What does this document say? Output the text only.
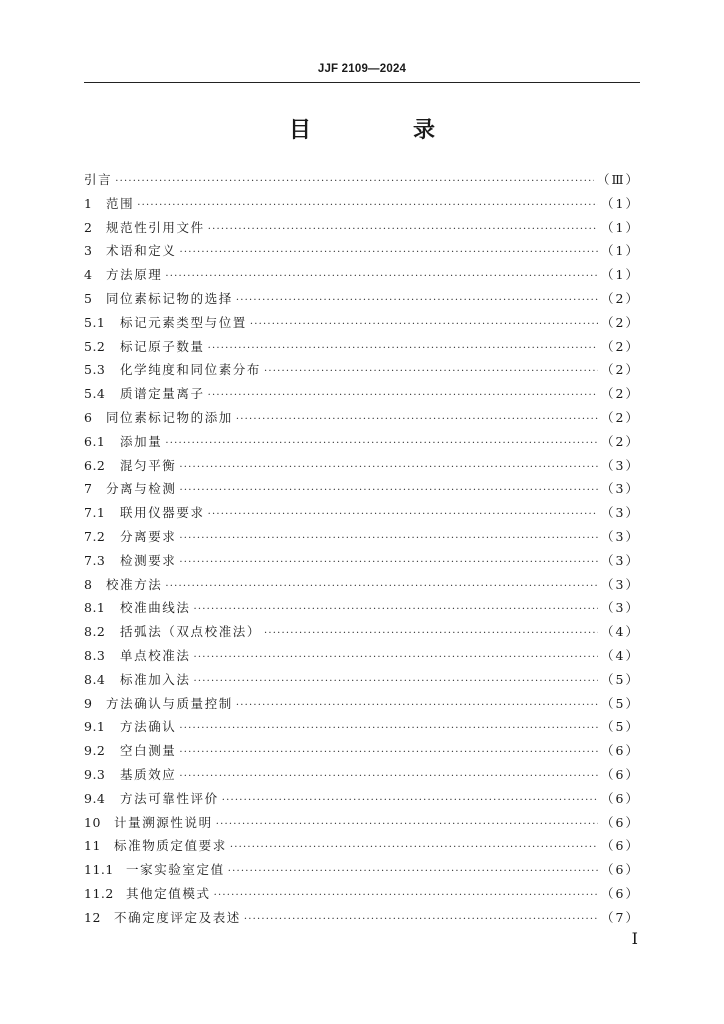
JJF 2109—2024
目　录
引言 ·····	（Ⅲ）
1	范围 ·····	（1）
2	规范性引用文件 ·····	（1）
3	术语和定义 ·····	（1）
4	方法原理 ·····	（1）
5	同位素标记物的选择 ·····	（2）
5.1	标记元素类型与位置 ·····	（2）
5.2	标记原子数量 ·····	（2）
5.3	化学纯度和同位素分布 ·····	（2）
5.4	质谱定量离子 ·····	（2）
6	同位素标记物的添加 ·····	（2）
6.1	添加量 ·····	（2）
6.2	混匀平衡 ·····	（3）
7	分离与检测 ·····	（3）
7.1	联用仪器要求 ·····	（3）
7.2	分离要求 ·····	（3）
7.3	检测要求 ·····	（3）
8	校准方法 ·····	（3）
8.1	校准曲线法 ·····	（3）
8.2	括弧法（双点校准法） ·····	（4）
8.3	单点校准法 ·····	（4）
8.4	标准加入法 ·····	（5）
9	方法确认与质量控制 ·····	（5）
9.1	方法确认 ·····	（5）
9.2	空白测量 ·····	（6）
9.3	基质效应 ·····	（6）
9.4	方法可靠性评价 ·····	（6）
10	计量溯源性说明 ·····	（6）
11	标准物质定值要求 ·····	（6）
11.1 一家实验室定值 ·····	（6）
11.2 其他定值模式 ·····	（6）
12	不确定度评定及表述 ·····	（7）
Ⅰ
